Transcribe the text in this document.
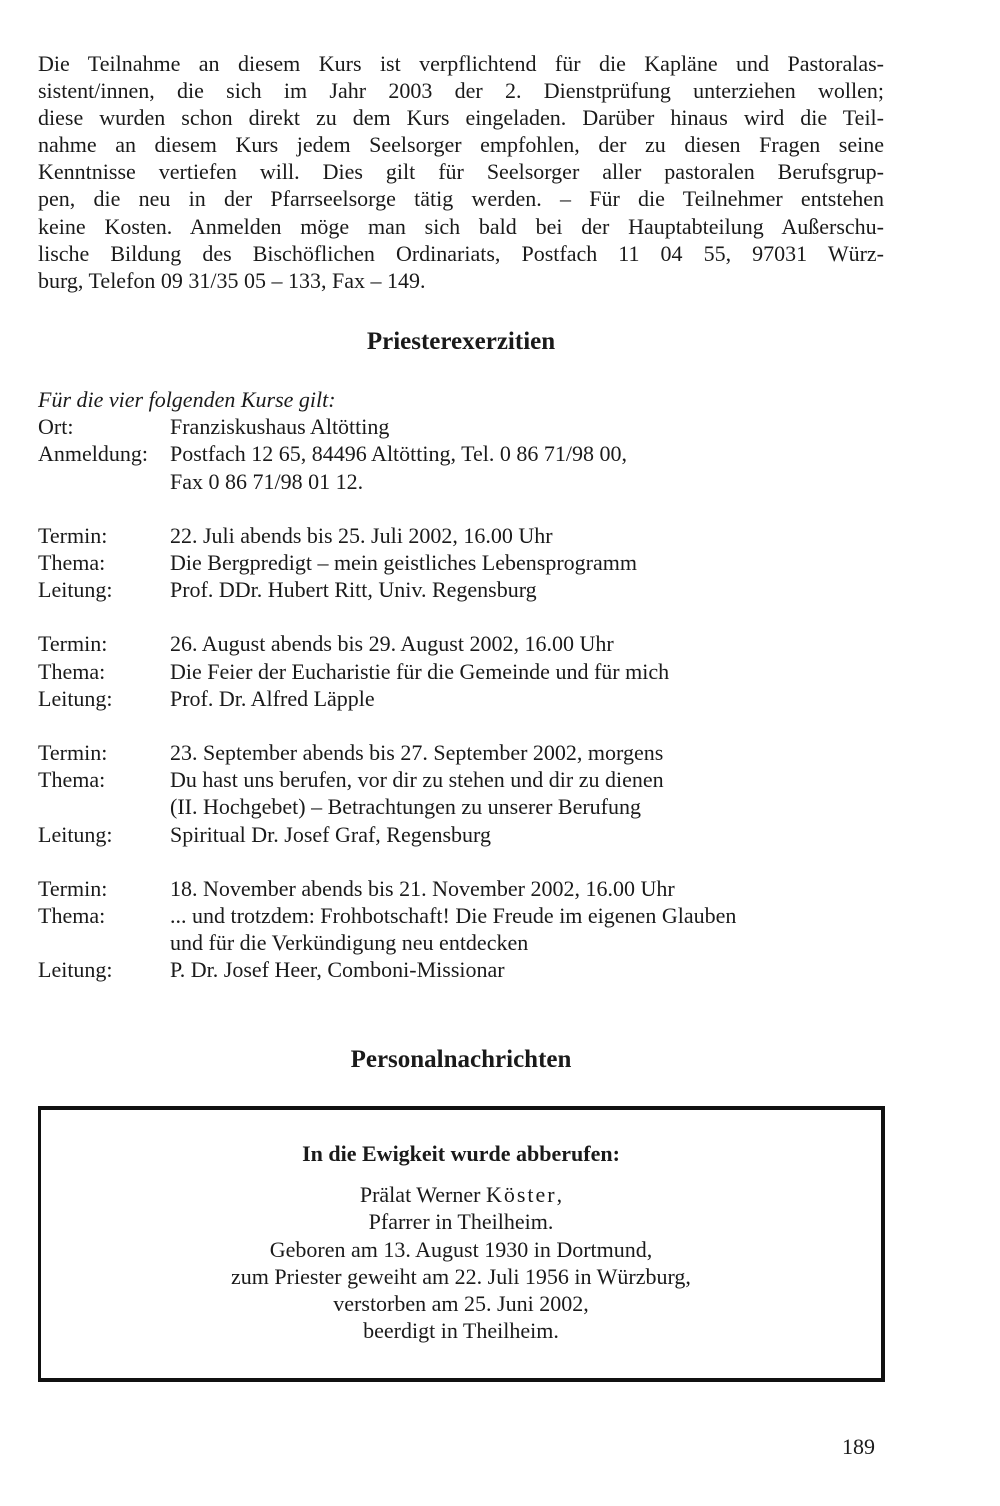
Die Teilnahme an diesem Kurs ist verpflichtend für die Kapläne und Pastoralas-
sistent/innen, die sich im Jahr 2003 der 2. Dienstprüfung unterziehen wollen;
diese wurden schon direkt zu dem Kurs eingeladen. Darüber hinaus wird die Teil-
nahme an diesem Kurs jedem Seelsorger empfohlen, der zu diesen Fragen seine
Kenntnisse vertiefen will. Dies gilt für Seelsorger aller pastoralen Berufsgrup-
pen, die neu in der Pfarrseelsorge tätig werden. – Für die Teilnehmer entstehen
keine Kosten. Anmelden möge man sich bald bei der Hauptabteilung Außerschu-
lische Bildung des Bischöflichen Ordinariats, Postfach 11 04 55, 97031 Würz-
burg, Telefon 09 31/35 05 – 133, Fax – 149.

Priesterexerzitien
Für die vier folgenden Kurse gilt:
Ort:	Franziskushaus Altötting
Anmeldung:	Postfach 12 65, 84496 Altötting, Tel. 0 86 71/98 00,
Fax 0 86 71/98 01 12.
Termin:	22. Juli abends bis 25. Juli 2002, 16.00 Uhr
Thema:	Die Bergpredigt – mein geistliches Lebensprogramm
Leitung:	Prof. DDr. Hubert Ritt, Univ. Regensburg
Termin:	26. August abends bis 29. August 2002, 16.00 Uhr
Thema:	Die Feier der Eucharistie für die Gemeinde und für mich
Leitung:	Prof. Dr. Alfred Läpple
Termin:	23. September abends bis 27. September 2002, morgens
Thema:	Du hast uns berufen, vor dir zu stehen und dir zu dienen
(II. Hochgebet) – Betrachtungen zu unserer Berufung
Leitung:	Spiritual Dr. Josef Graf, Regensburg
Termin:	18. November abends bis 21. November 2002, 16.00 Uhr
Thema:	... und trotzdem: Frohbotschaft! Die Freude im eigenen Glauben
und für die Verkündigung neu entdecken
Leitung:	P. Dr. Josef Heer, Comboni-Missionar
Personalnachrichten
In die Ewigkeit wurde abberufen:
Prälat Werner Köster,
Pfarrer in Theilheim.
Geboren am 13. August 1930 in Dortmund,
zum Priester geweiht am 22. Juli 1956 in Würzburg,
verstorben am 25. Juni 2002,
beerdigt in Theilheim.
189
